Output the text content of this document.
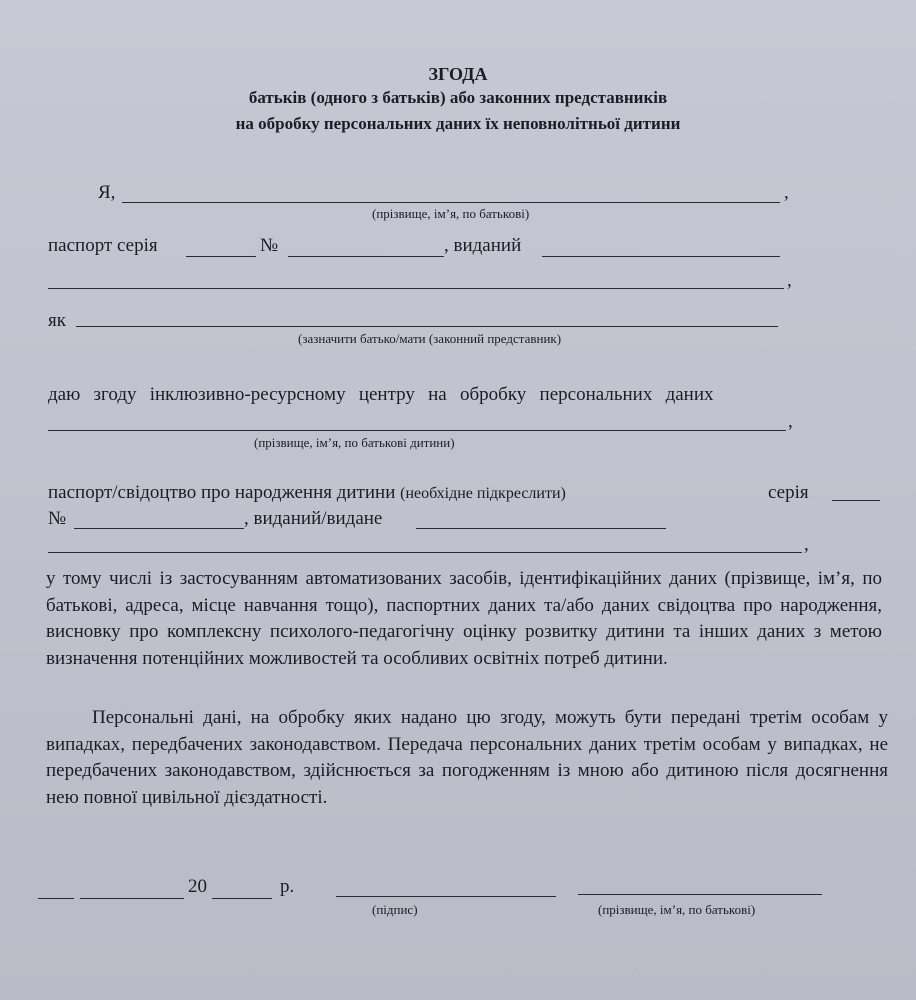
ЗГОДА
батьків (одного з батьків) або законних представників
на обробку персональних даних їх неповнолітньої дитини
Я,	,
(прізвище, ім’я, по батькові)
паспорт серія	№	, виданий
,
як
(зазначити батько/мати (законний представник)
даю згоду інклюзивно-ресурсному центру на обробку персональних даних
,
(прізвище, ім’я, по батькові дитини)
паспорт/свідоцтво про народження дитини (необхідне підкреслити)	серія
№	, виданий/видане
,
у тому числі із застосуванням автоматизованих засобів, ідентифікаційних даних (прізвище, ім’я, по батькові, адреса, місце навчання тощо), паспортних даних та/або даних свідоцтва про народження, висновку про комплексну психолого-педагогічну оцінку розвитку дитини та інших даних з метою визначення потенційних можливостей та особливих освітніх потреб дитини.
Персональні дані, на обробку яких надано цю згоду, можуть бути передані третім особам у випадках, передбачених законодавством. Передача персональних даних третім особам у випадках, не передбачених законодавством, здійснюється за погодженням із мною або дитиною після досягнення нею повної цивільної дієздатності.
20	р.
(підпис)	(прізвище, ім’я, по батькові)
